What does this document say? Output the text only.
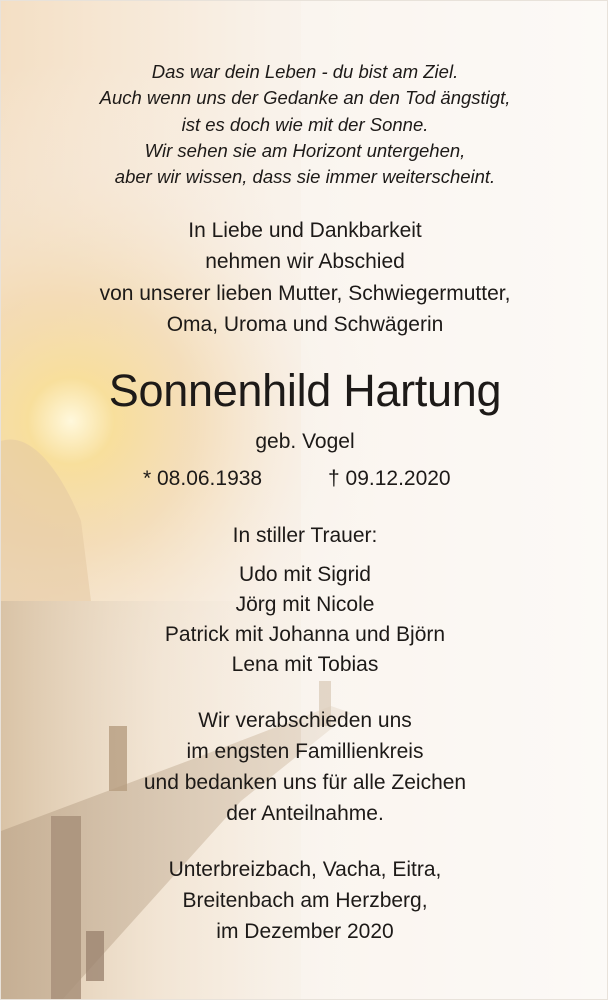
Das war dein Leben - du bist am Ziel.
Auch wenn uns der Gedanke an den Tod ängstigt,
ist es doch wie mit der Sonne.
Wir sehen sie am Horizont untergehen,
aber wir wissen, dass sie immer weiterscheint.
In Liebe und Dankbarkeit
nehmen wir Abschied
von unserer lieben Mutter, Schwiegermutter,
Oma, Uroma und Schwägerin
Sonnenhild Hartung
geb. Vogel
* 08.06.1938	† 09.12.2020
In stiller Trauer:
Udo mit Sigrid
Jörg mit Nicole
Patrick mit Johanna und Björn
Lena mit Tobias
Wir verabschieden uns
im engsten Famillienkreis
und bedanken uns für alle Zeichen
der Anteilnahme.
Unterbreizbach, Vacha, Eitra,
Breitenbach am Herzberg,
im Dezember 2020
